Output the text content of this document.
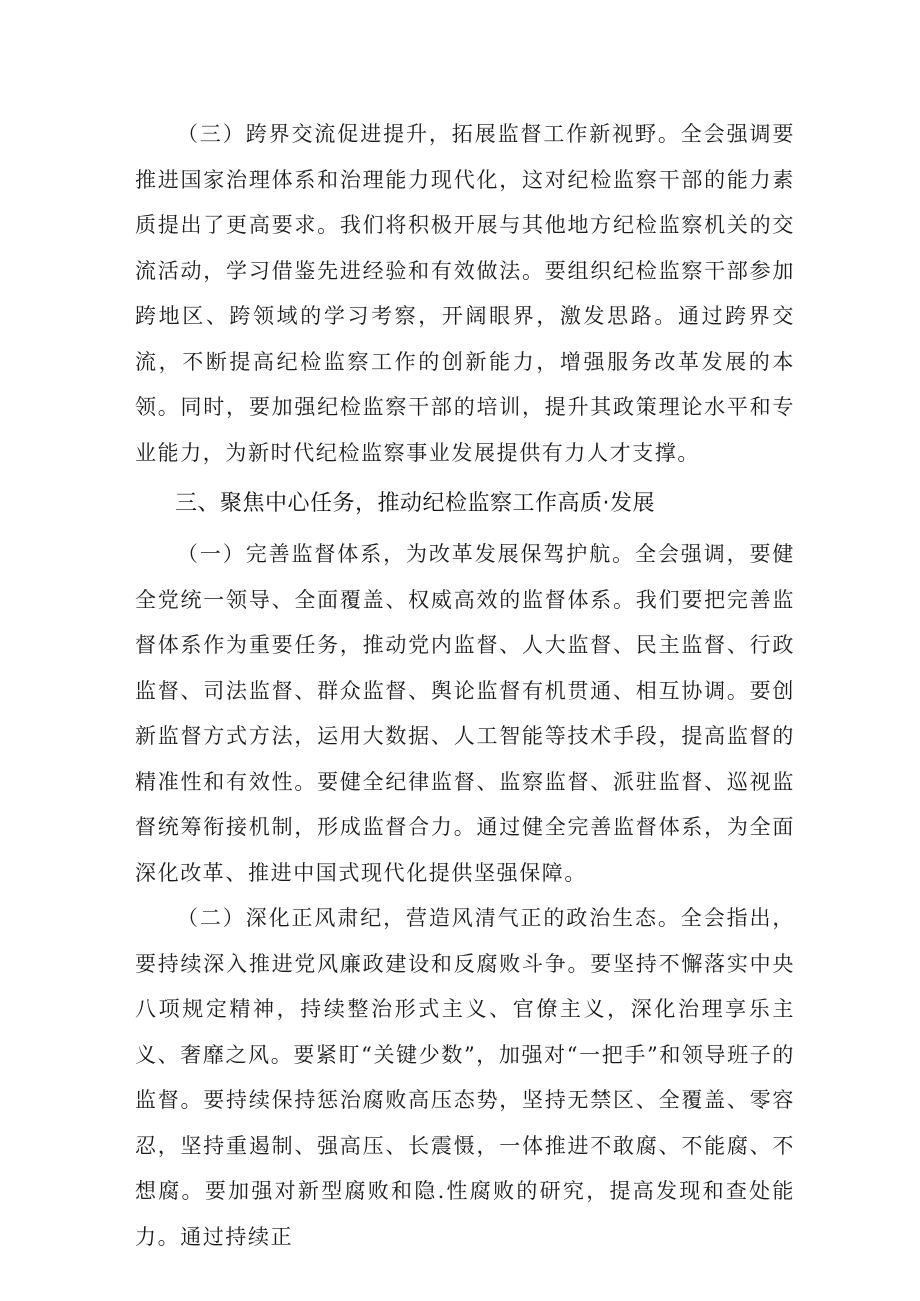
（三）跨界交流促进提升，拓展监督工作新视野。全会强调要推进国家治理体系和治理能力现代化，这对纪检监察干部的能力素质提出了更高要求。我们将积极开展与其他地方纪检监察机关的交流活动，学习借鉴先进经验和有效做法。要组织纪检监察干部参加跨地区、跨领域的学习考察，开阔眼界，激发思路。通过跨界交流，不断提高纪检监察工作的创新能力，增强服务改革发展的本领。同时，要加强纪检监察干部的培训，提升其政策理论水平和专业能力，为新时代纪检监察事业发展提供有力人才支撑。

三、聚焦中心任务，推动纪检监察工作高质·发展

（一）完善监督体系，为改革发展保驾护航。全会强调，要健全党统一领导、全面覆盖、权威高效的监督体系。我们要把完善监督体系作为重要任务，推动党内监督、人大监督、民主监督、行政监督、司法监督、群众监督、舆论监督有机贯通、相互协调。要创新监督方式方法，运用大数据、人工智能等技术手段，提高监督的精准性和有效性。要健全纪律监督、监察监督、派驻监督、巡视监督统筹衔接机制，形成监督合力。通过健全完善监督体系，为全面深化改革、推进中国式现代化提供坚强保障。

（二）深化正风肃纪，营造风清气正的政治生态。全会指出，要持续深入推进党风廉政建设和反腐败斗争。要坚持不懈落实中央八项规定精神，持续整治形式主义、官僚主义，深化治理享乐主义、奢靡之风。要紧盯“关键少数”，加强对“一把手”和领导班子的监督。要持续保持惩治腐败高压态势，坚持无禁区、全覆盖、零容忍，坚持重遏制、强高压、长震慑，一体推进不敢腐、不能腐、不想腐。要加强对新型腐败和隐.性腐败的研究，提高发现和查处能力。通过持续正
